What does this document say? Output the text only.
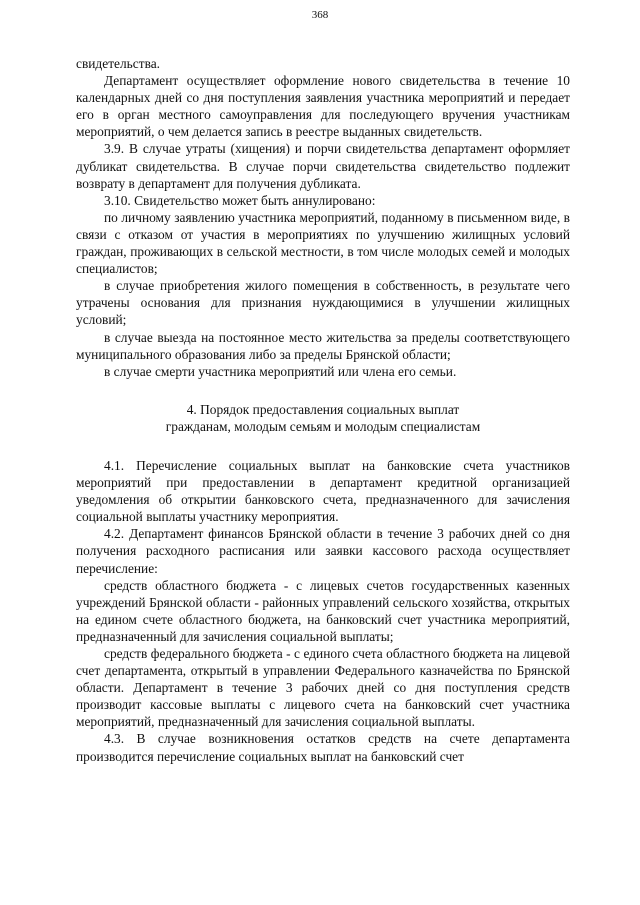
368

свидетельства.

Департамент осуществляет оформление нового свидетельства в течение 10 календарных дней со дня поступления заявления участника мероприятий и передает его в орган местного самоуправления для последующего вручения участникам мероприятий, о чем делается запись в реестре выданных свидетельств.

3.9. В случае утраты (хищения) и порчи свидетельства департамент оформляет дубликат свидетельства. В случае порчи свидетельства свидетельство подлежит возврату в департамент для получения дубликата.

3.10. Свидетельство может быть аннулировано:

по личному заявлению участника мероприятий, поданному в письменном виде, в связи с отказом от участия в мероприятиях по улучшению жилищных условий граждан, проживающих в сельской местности, в том числе молодых семей и молодых специалистов;

в случае приобретения жилого помещения в собственность, в результате чего утрачены основания для признания нуждающимися в улучшении жилищных условий;

в случае выезда на постоянное место жительства за пределы соответствующего муниципального образования либо за пределы Брянской области;

в случае смерти участника мероприятий или члена его семьи.

4. Порядок предоставления социальных выплат
гражданам, молодым семьям и молодым специалистам

4.1. Перечисление социальных выплат на банковские счета участников мероприятий при предоставлении в департамент кредитной организацией уведомления об открытии банковского счета, предназначенного для зачисления социальной выплаты участнику мероприятия.

4.2. Департамент финансов Брянской области в течение 3 рабочих дней со дня получения расходного расписания или заявки кассового расхода осуществляет перечисление:

средств областного бюджета - с лицевых счетов государственных казенных учреждений Брянской области - районных управлений сельского хозяйства, открытых на едином счете областного бюджета, на банковский счет участника мероприятий, предназначенный для зачисления социальной выплаты;

средств федерального бюджета - с единого счета областного бюджета на лицевой счет департамента, открытый в управлении Федерального казначейства по Брянской области. Департамент в течение 3 рабочих дней со дня поступления средств производит кассовые выплаты с лицевого счета на банковский счет участника мероприятий, предназначенный для зачисления социальной выплаты.

4.3. В случае возникновения остатков средств на счете департамента производится перечисление социальных выплат на банковский счет
